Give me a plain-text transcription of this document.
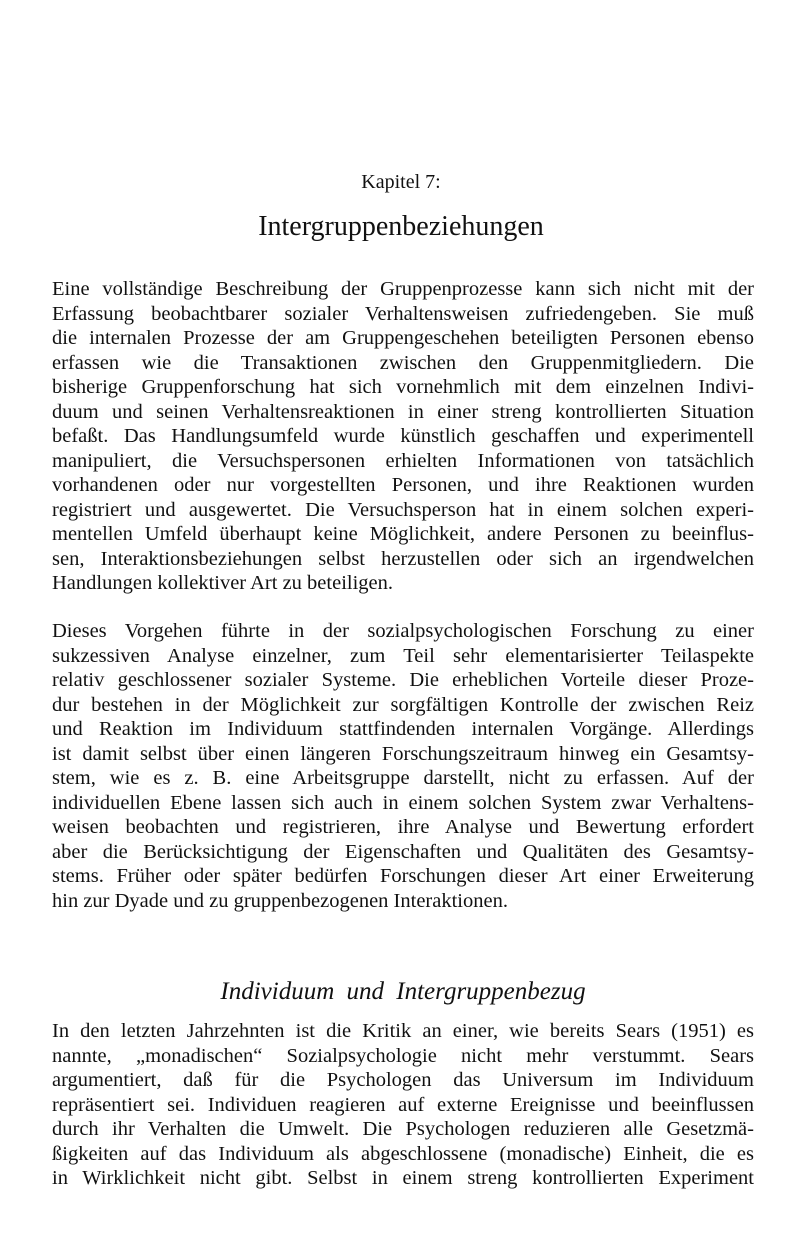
Kapitel 7:
Intergruppenbeziehungen
Eine vollständige Beschreibung der Gruppenprozesse kann sich nicht mit der
Erfassung beobachtbarer sozialer Verhaltensweisen zufriedengeben. Sie muß
die internalen Prozesse der am Gruppengeschehen beteiligten Personen ebenso
erfassen wie die Transaktionen zwischen den Gruppenmitgliedern. Die
bisherige Gruppenforschung hat sich vornehmlich mit dem einzelnen Indivi-
duum und seinen Verhaltensreaktionen in einer streng kontrollierten Situation
befaßt. Das Handlungsumfeld wurde künstlich geschaffen und experimentell
manipuliert, die Versuchspersonen erhielten Informationen von tatsächlich
vorhandenen oder nur vorgestellten Personen, und ihre Reaktionen wurden
registriert und ausgewertet. Die Versuchsperson hat in einem solchen experi-
mentellen Umfeld überhaupt keine Möglichkeit, andere Personen zu beeinflus-
sen, Interaktionsbeziehungen selbst herzustellen oder sich an irgendwelchen
Handlungen kollektiver Art zu beteiligen.
Dieses Vorgehen führte in der sozialpsychologischen Forschung zu einer
sukzessiven Analyse einzelner, zum Teil sehr elementarisierter Teilaspekte
relativ geschlossener sozialer Systeme. Die erheblichen Vorteile dieser Proze-
dur bestehen in der Möglichkeit zur sorgfältigen Kontrolle der zwischen Reiz
und Reaktion im Individuum stattfindenden internalen Vorgänge. Allerdings
ist damit selbst über einen längeren Forschungszeitraum hinweg ein Gesamtsy-
stem, wie es z. B. eine Arbeitsgruppe darstellt, nicht zu erfassen. Auf der
individuellen Ebene lassen sich auch in einem solchen System zwar Verhaltens-
weisen beobachten und registrieren, ihre Analyse und Bewertung erfordert
aber die Berücksichtigung der Eigenschaften und Qualitäten des Gesamtsy-
stems. Früher oder später bedürfen Forschungen dieser Art einer Erweiterung
hin zur Dyade und zu gruppenbezogenen Interaktionen.
Individuum und Intergruppenbezug
In den letzten Jahrzehnten ist die Kritik an einer, wie bereits Sears (1951) es
nannte, „monadischen“ Sozialpsychologie nicht mehr verstummt. Sears
argumentiert, daß für die Psychologen das Universum im Individuum
repräsentiert sei. Individuen reagieren auf externe Ereignisse und beeinflussen
durch ihr Verhalten die Umwelt. Die Psychologen reduzieren alle Gesetzmä-
ßigkeiten auf das Individuum als abgeschlossene (monadische) Einheit, die es
in Wirklichkeit nicht gibt. Selbst in einem streng kontrollierten Experiment
